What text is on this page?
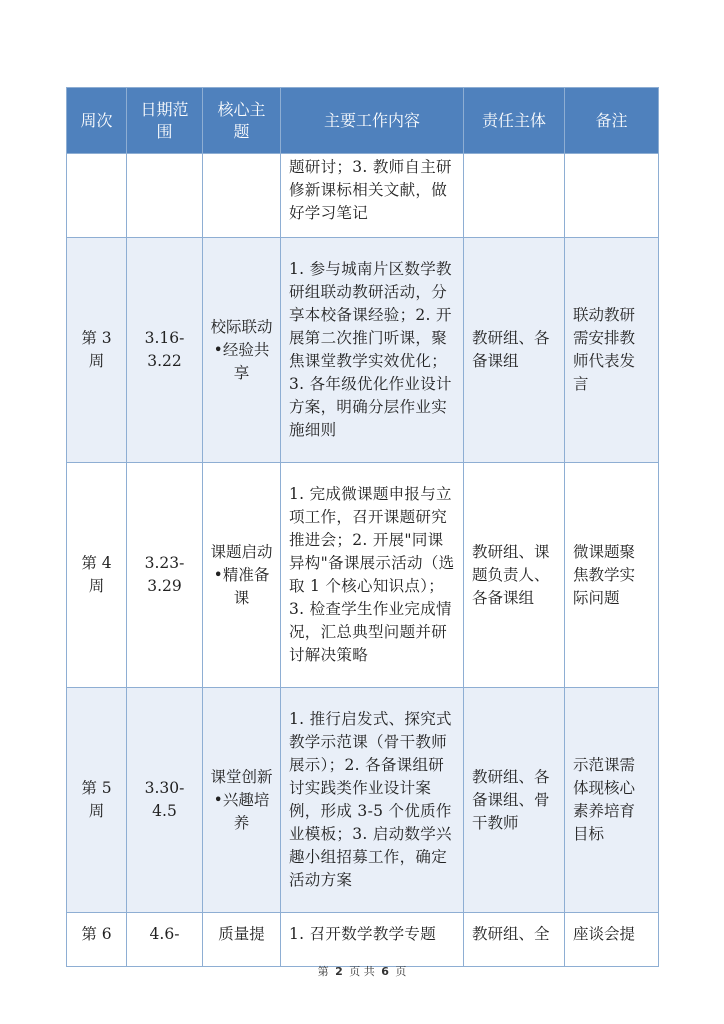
周次	日期范围	核心主题	主要工作内容	责任主体	备注
			题研讨；3. 教师自主研修新课标相关文献，做好学习笔记		
第 3 周	3.16-3.22	校际联动•经验共享	1. 参与城南片区数学教研组联动教研活动，分享本校备课经验；2. 开展第二次推门听课，聚焦课堂教学实效优化；3. 各年级优化作业设计方案，明确分层作业实施细则	教研组、各备课组	联动教研需安排教师代表发言
第 4 周	3.23-3.29	课题启动•精准备课	1. 完成微课题申报与立项工作，召开课题研究推进会；2. 开展"同课异构"备课展示活动（选取 1 个核心知识点）；3. 检查学生作业完成情况，汇总典型问题并研讨解决策略	教研组、课题负责人、各备课组	微课题聚焦教学实际问题
第 5 周	3.30-4.5	课堂创新•兴趣培养	1. 推行启发式、探究式教学示范课（骨干教师展示）；2. 各备课组研讨实践类作业设计案例，形成 3-5 个优质作业模板；3. 启动数学兴趣小组招募工作，确定活动方案	教研组、各备课组、骨干教师	示范课需体现核心素养培育目标
第 6	4.6-	质量提	1. 召开数学教学专题	教研组、全	座谈会提
第 2 页 共 6 页
